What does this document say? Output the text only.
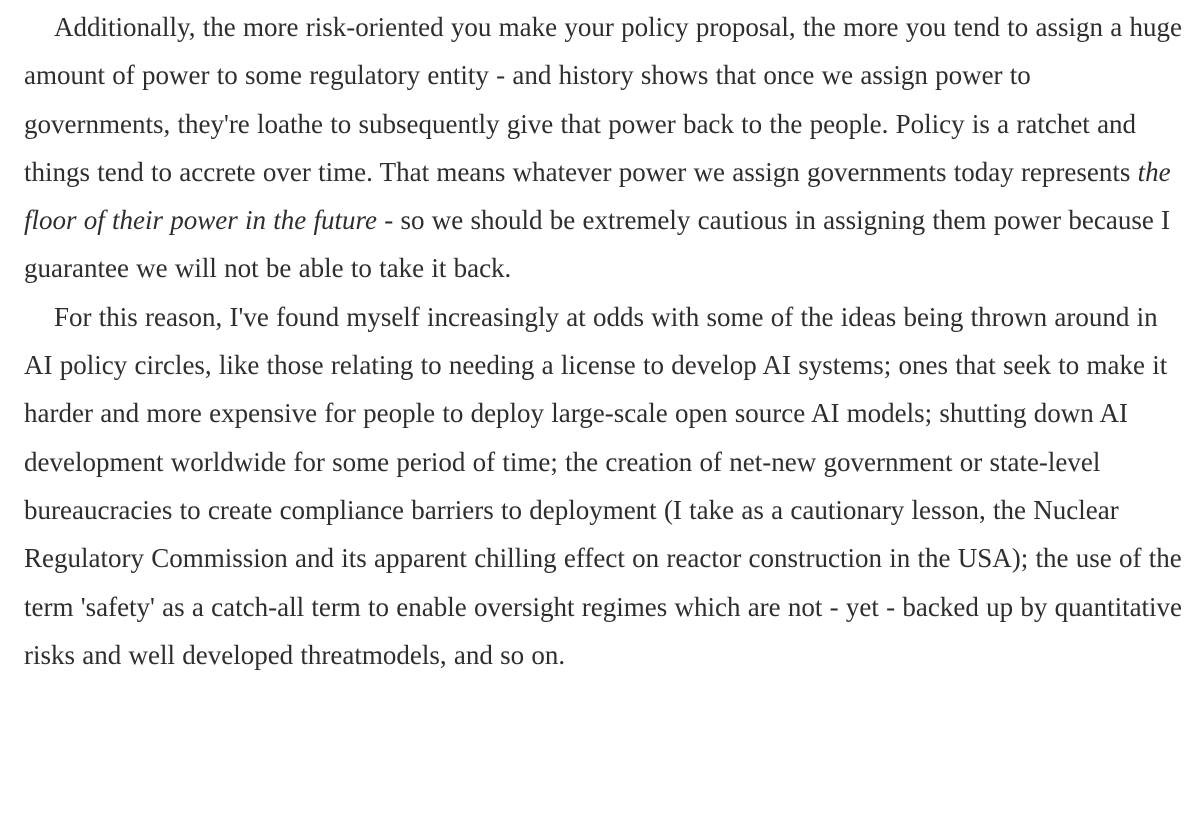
Additionally, the more risk-oriented you make your policy proposal, the more you tend to assign a huge amount of power to some regulatory entity - and history shows that once we assign power to governments, they're loathe to subsequently give that power back to the people. Policy is a ratchet and things tend to accrete over time. That means whatever power we assign governments today represents the floor of their power in the future - so we should be extremely cautious in assigning them power because I guarantee we will not be able to take it back.

For this reason, I've found myself increasingly at odds with some of the ideas being thrown around in AI policy circles, like those relating to needing a license to develop AI systems; ones that seek to make it harder and more expensive for people to deploy large-scale open source AI models; shutting down AI development worldwide for some period of time; the creation of net-new government or state-level bureaucracies to create compliance barriers to deployment (I take as a cautionary lesson, the Nuclear Regulatory Commission and its apparent chilling effect on reactor construction in the USA); the use of the term 'safety' as a catch-all term to enable oversight regimes which are not - yet - backed up by quantitative risks and well developed threatmodels, and so on.
